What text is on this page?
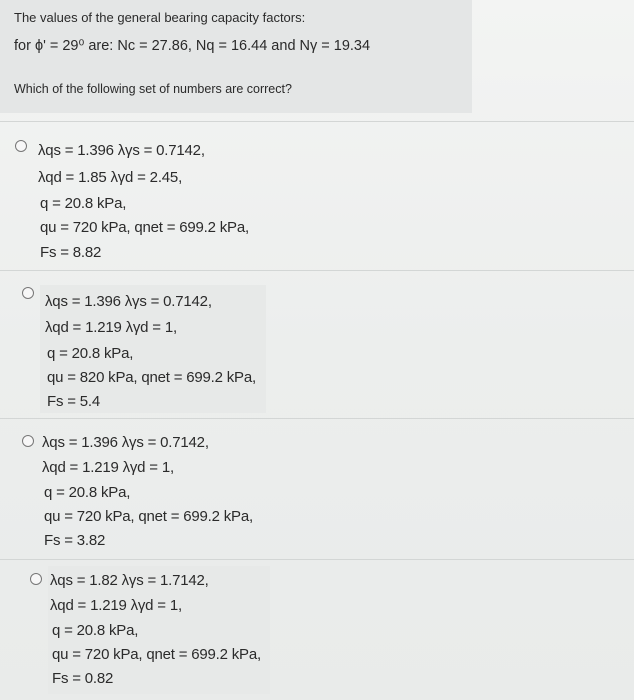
The values of the general bearing capacity factors:
for ϕ' = 29⁰ are: Nc = 27.86, Nq = 16.44 and Nγ = 19.34
Which of the following set of numbers are correct?
λqs = 1.396 λγs = 0.7142,
λqd = 1.85 λγd = 2.45,
q = 20.8 kPa,
qu = 720 kPa, qnet = 699.2 kPa,
Fs = 8.82
λqs = 1.396 λγs = 0.7142,
λqd = 1.219 λγd = 1,
q = 20.8 kPa,
qu = 820 kPa, qnet = 699.2 kPa,
Fs = 5.4
λqs = 1.396 λγs = 0.7142,
λqd = 1.219 λγd = 1,
q = 20.8 kPa,
qu = 720 kPa, qnet = 699.2 kPa,
Fs = 3.82
λqs = 1.82 λγs = 1.7142,
λqd = 1.219 λγd = 1,
q = 20.8 kPa,
qu = 720 kPa, qnet = 699.2 kPa,
Fs = 0.82
